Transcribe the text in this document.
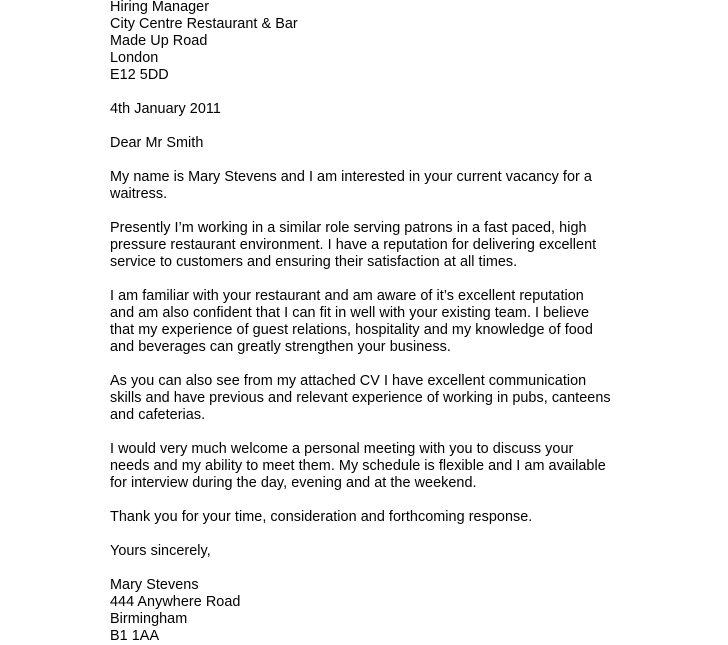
Hiring Manager
City Centre Restaurant & Bar
Made Up Road
London
E12 5DD
4th January 2011
Dear Mr Smith
My name is Mary Stevens and I am interested in your current vacancy for a
waitress.
Presently I’m working in a similar role serving patrons in a fast paced, high
pressure restaurant environment. I have a reputation for delivering excellent
service to customers and ensuring their satisfaction at all times.
I am familiar with your restaurant and am aware of it’s excellent reputation
and am also confident that I can fit in well with your existing team. I believe
that my experience of guest relations, hospitality and my knowledge of food
and beverages can greatly strengthen your business.
As you can also see from my attached CV I have excellent communication
skills and have previous and relevant experience of working in pubs, canteens
and cafeterias.
I would very much welcome a personal meeting with you to discuss your
needs and my ability to meet them. My schedule is flexible and I am available
for interview during the day, evening and at the weekend.
Thank you for your time, consideration and forthcoming response.
Yours sincerely,
Mary Stevens
444 Anywhere Road
Birmingham
B1 1AA
